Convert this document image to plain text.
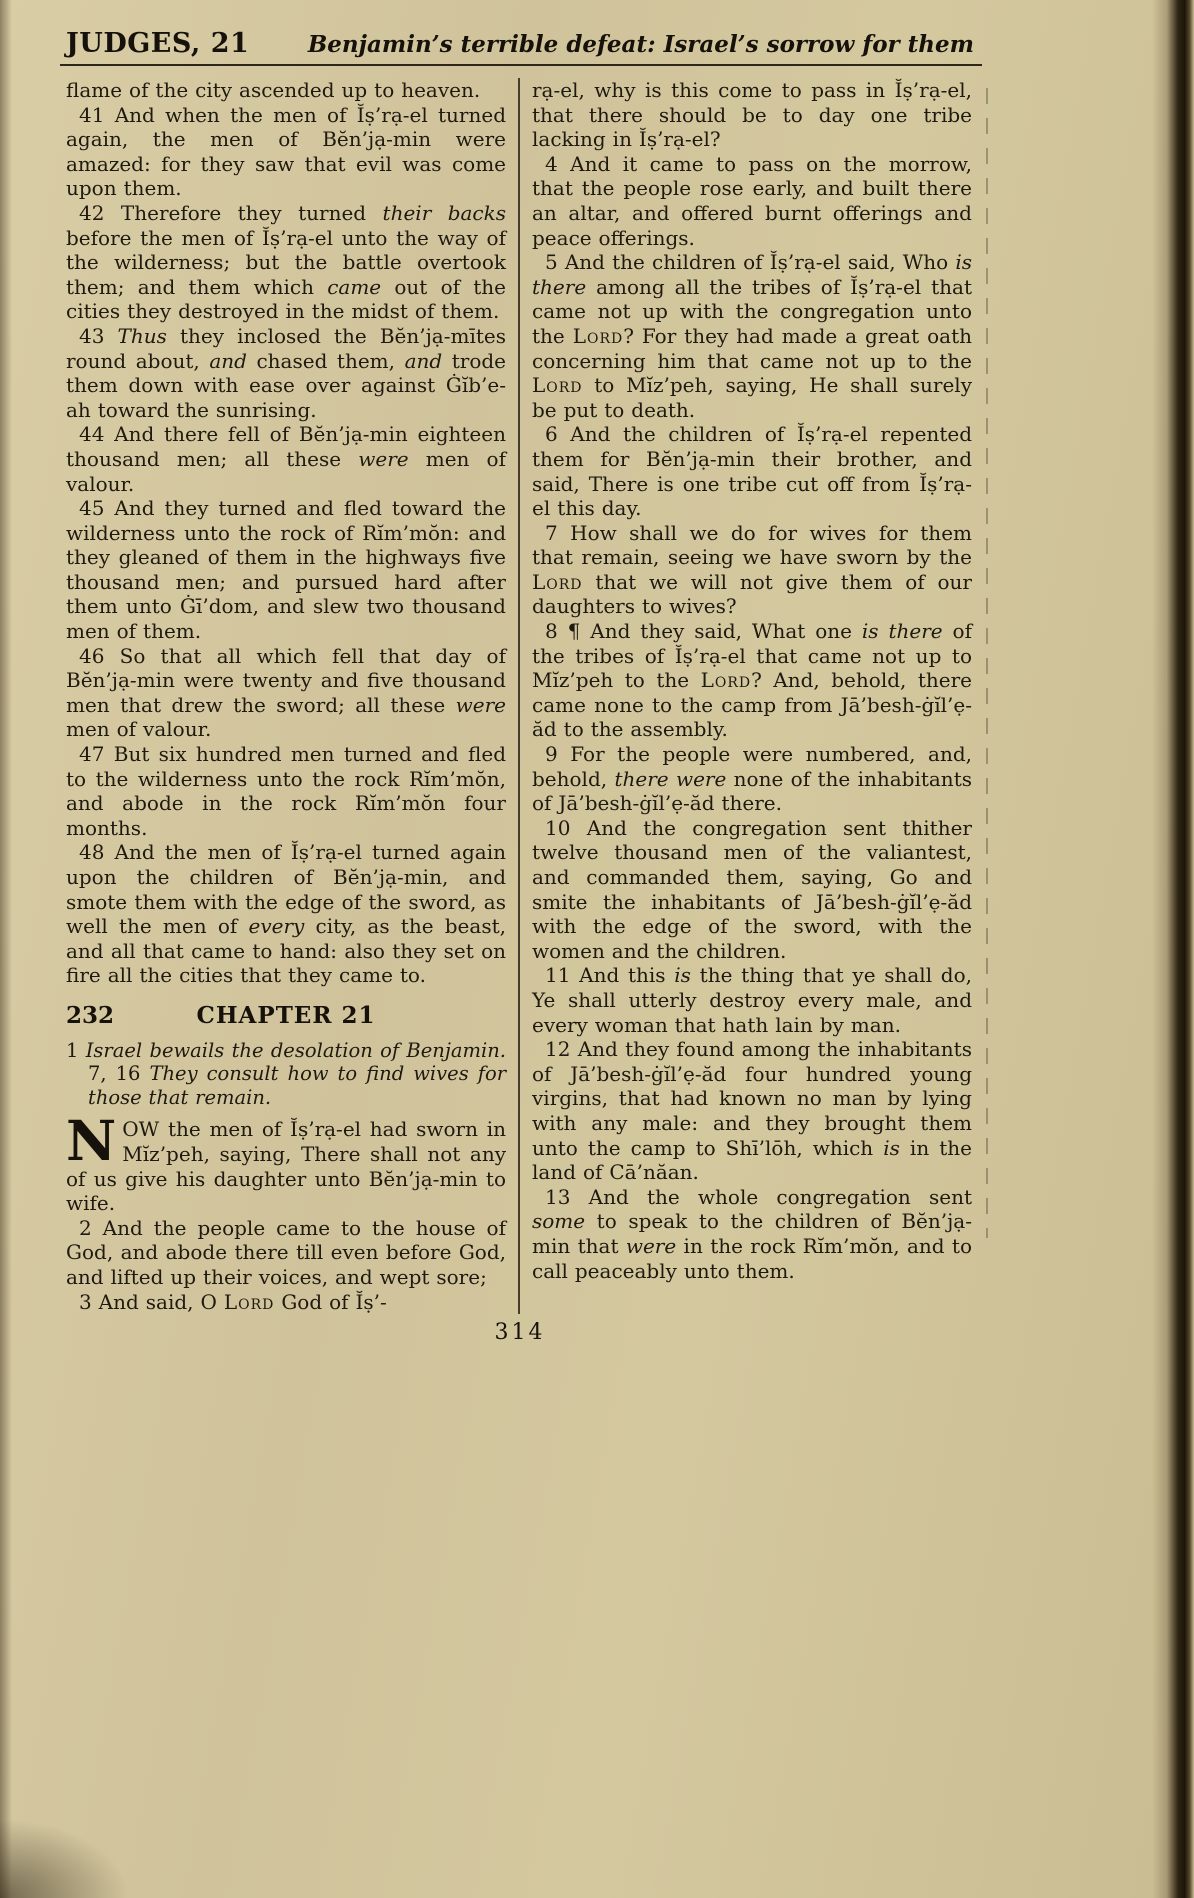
JUDGES, 21	Benjamin’s terrible defeat: Israel’s sorrow for them

flame of the city ascended up to heaven.

41 And when the men of Ĭṣ’rạ-el turned again, the men of Bĕn’jạ-min were amazed: for they saw that evil was come upon them.

42 Therefore they turned their backs before the men of Ĭṣ’rạ-el unto the way of the wilderness; but the battle overtook them; and them which came out of the cities they destroyed in the midst of them.

43 Thus they inclosed the Bĕn’jạ-mītes round about, and chased them, and trode them down with ease over against Ġĭb’e-ah toward the sunrising.

44 And there fell of Bĕn’jạ-min eighteen thousand men; all these were men of valour.

45 And they turned and fled toward the wilderness unto the rock of Rĭm’mŏn: and they gleaned of them in the highways five thousand men; and pursued hard after them unto Ġī’dom, and slew two thousand men of them.

46 So that all which fell that day of Bĕn’jạ-min were twenty and five thousand men that drew the sword; all these were men of valour.

47 But six hundred men turned and fled to the wilderness unto the rock Rĭm’mŏn, and abode in the rock Rĭm’mŏn four months.

48 And the men of Ĭṣ’rạ-el turned again upon the children of Bĕn’jạ-min, and smote them with the edge of the sword, as well the men of every city, as the beast, and all that came to hand: also they set on fire all the cities that they came to.

232	CHAPTER 21

1 Israel bewails the desolation of Benjamin. 7, 16 They consult how to find wives for those that remain.

NOW the men of Ĭṣ’rạ-el had sworn in Mĭz’peh, saying, There shall not any of us give his daughter unto Bĕn’jạ-min to wife.

2 And the people came to the house of God, and abode there till even before God, and lifted up their voices, and wept sore;

3 And said, O Lord God of Ĭṣ’-

rạ-el, why is this come to pass in Ĭṣ’rạ-el, that there should be to day one tribe lacking in Ĭṣ’rạ-el?

4 And it came to pass on the morrow, that the people rose early, and built there an altar, and offered burnt offerings and peace offerings.

5 And the children of Ĭṣ’rạ-el said, Who is there among all the tribes of Ĭṣ’rạ-el that came not up with the congregation unto the Lord? For they had made a great oath concerning him that came not up to the Lord to Mĭz’peh, saying, He shall surely be put to death.

6 And the children of Ĭṣ’rạ-el repented them for Bĕn’jạ-min their brother, and said, There is one tribe cut off from Ĭṣ’rạ-el this day.

7 How shall we do for wives for them that remain, seeing we have sworn by the Lord that we will not give them of our daughters to wives?

8 ¶ And they said, What one is there of the tribes of Ĭṣ’rạ-el that came not up to Mĭz’peh to the Lord? And, behold, there came none to the camp from Jā’besh-ġĭl’ẹ-ăd to the assembly.

9 For the people were numbered, and, behold, there were none of the inhabitants of Jā’besh-ġĭl’ẹ-ăd there.

10 And the congregation sent thither twelve thousand men of the valiantest, and commanded them, saying, Go and smite the inhabitants of Jā’besh-ġĭl’ẹ-ăd with the edge of the sword, with the women and the children.

11 And this is the thing that ye shall do, Ye shall utterly destroy every male, and every woman that hath lain by man.

12 And they found among the inhabitants of Jā’besh-ġĭl’ẹ-ăd four hundred young virgins, that had known no man by lying with any male: and they brought them unto the camp to Shī’lōh, which is in the land of Cā’năan.

13 And the whole congregation sent some to speak to the children of Bĕn’jạ-min that were in the rock Rĭm’mŏn, and to call peaceably unto them.

314
